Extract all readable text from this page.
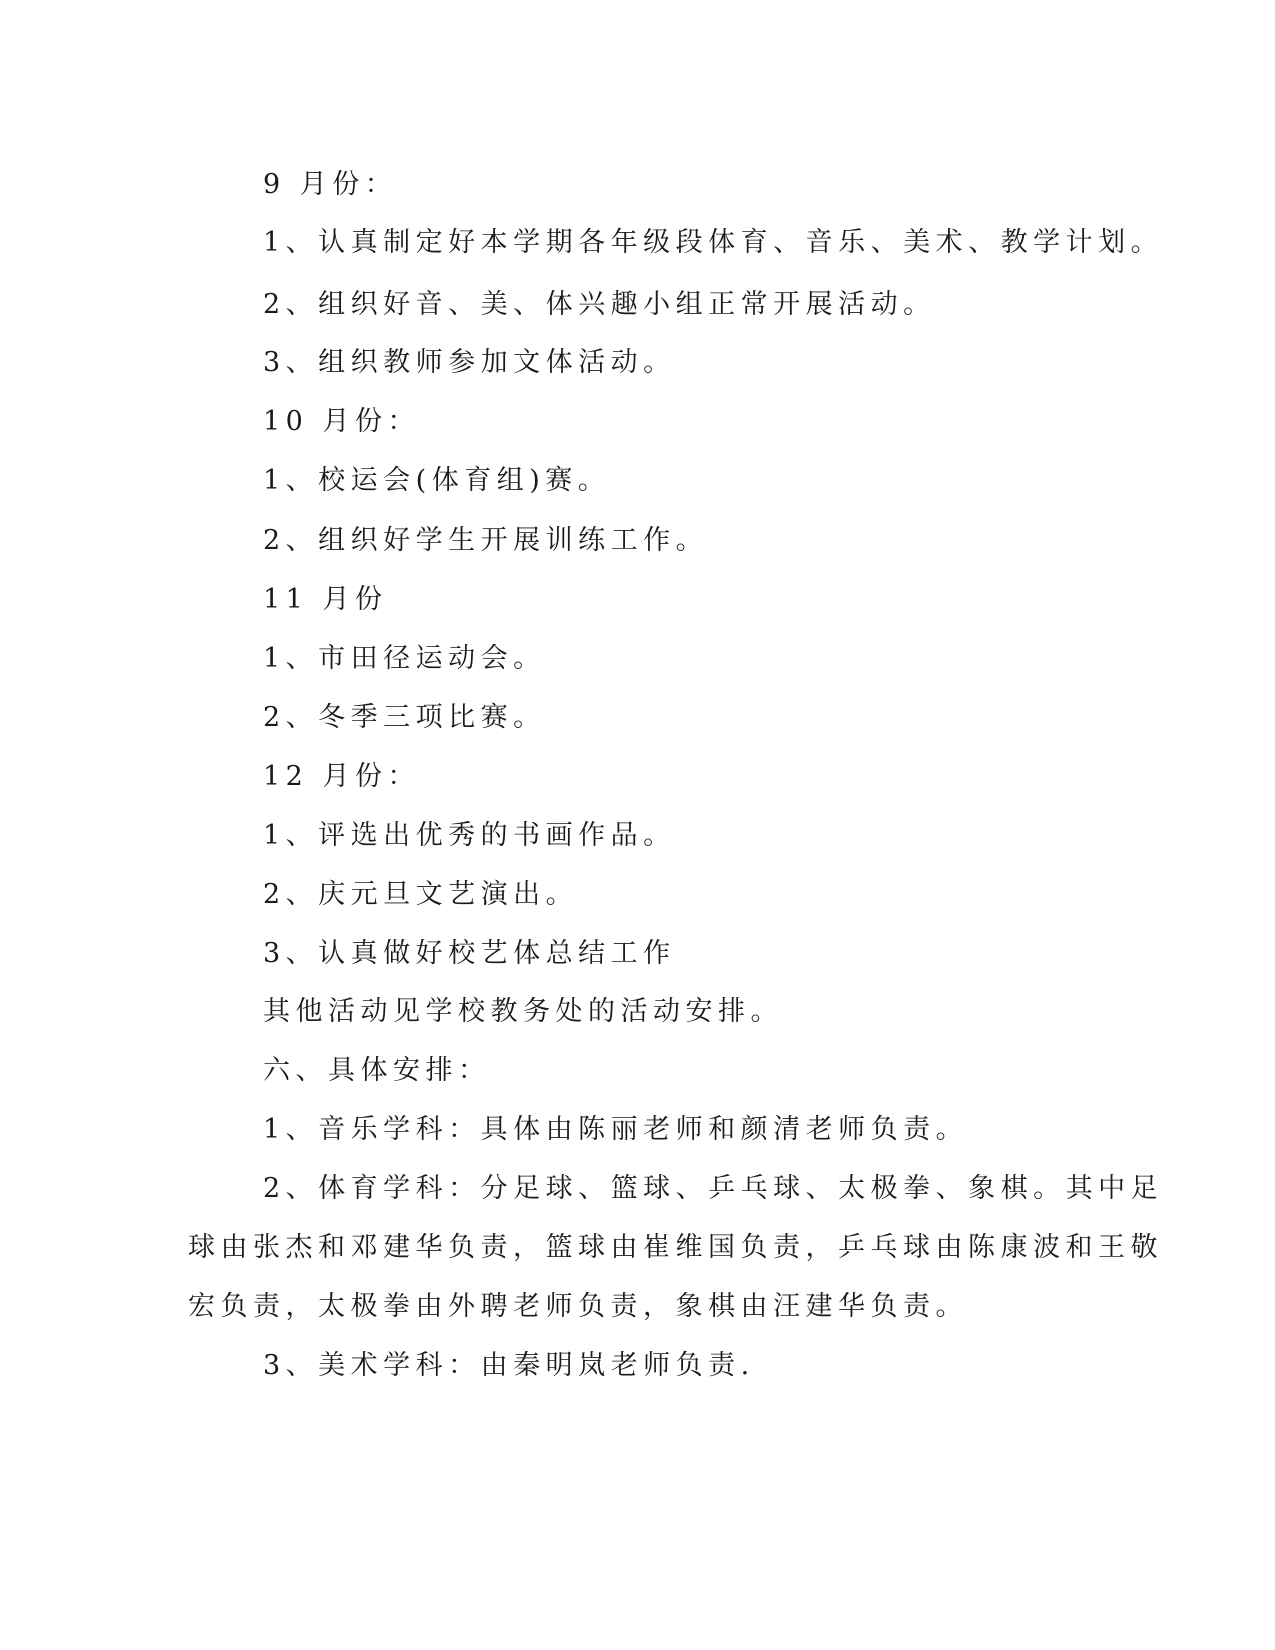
9 月份：
1、认真制定好本学期各年级段体育、音乐、美术、教学计划。
2、组织好音、美、体兴趣小组正常开展活动。
3、组织教师参加文体活动。
10 月份：
1、校运会(体育组)赛。
2、组织好学生开展训练工作。
11 月份
1、市田径运动会。
2、冬季三项比赛。
12 月份：
1、评选出优秀的书画作品。
2、庆元旦文艺演出。
3、认真做好校艺体总结工作
其他活动见学校教务处的活动安排。
六、具体安排：
1、音乐学科：具体由陈丽老师和颜清老师负责。
2、体育学科：分足球、篮球、乒乓球、太极拳、象棋。其中足
球由张杰和邓建华负责，篮球由崔维国负责，乒乓球由陈康波和王敬
宏负责，太极拳由外聘老师负责，象棋由汪建华负责。
3、美术学科：由秦明岚老师负责.
